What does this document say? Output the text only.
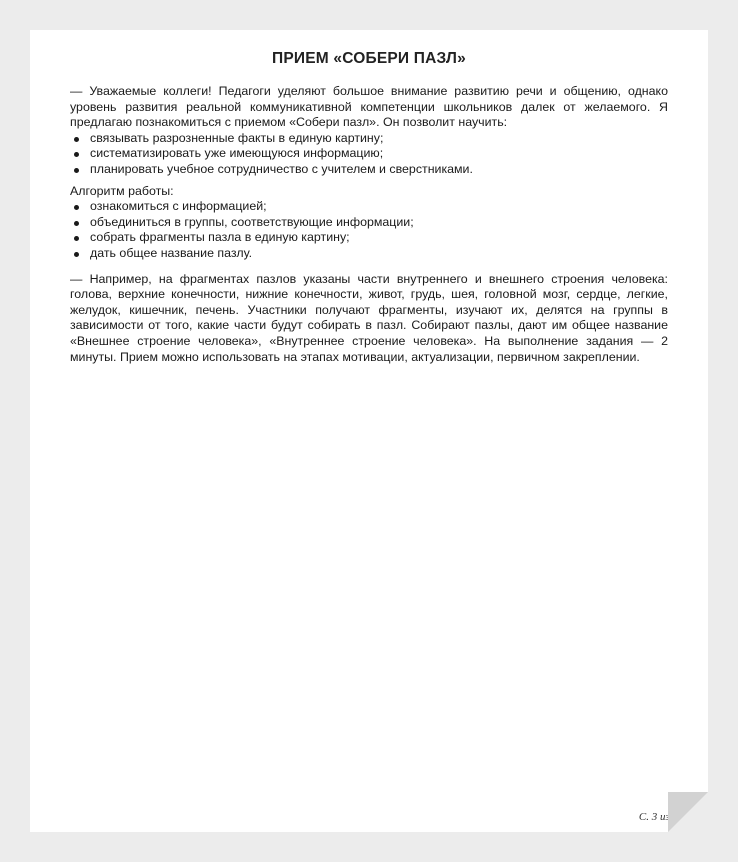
ПРИЕМ «СОБЕРИ ПАЗЛ»

— Уважаемые коллеги! Педагоги уделяют большое внимание развитию речи и общению, однако уровень развития реальной коммуникативной компетенции школьников далек от желаемого. Я предлагаю познакомиться с приемом «Собери пазл». Он позволит научить:

связывать разрозненные факты в единую картину;
систематизировать уже имеющуюся информацию;
планировать учебное сотрудничество с учителем и сверстниками.

Алгоритм работы:

ознакомиться с информацией;
объединиться в группы, соответствующие информации;
собрать фрагменты пазла в единую картину;
дать общее название пазлу.

— Например, на фрагментах пазлов указаны части внутреннего и внешнего строения человека: голова, верхние конечности, нижние конечности, живот, грудь, шея, головной мозг, сердце, легкие, желудок, кишечник, печень. Участники получают фрагменты, изучают их, делятся на группы в зависимости от того, какие части будут собирать в пазл. Собирают пазлы, дают им общее название «Внешнее строение человека», «Внутреннее строение человека». На выполнение задания — 2 минуты. Прием можно использовать на этапах мотивации, актуализации, первичном закреплении.

С. 3 из 3
